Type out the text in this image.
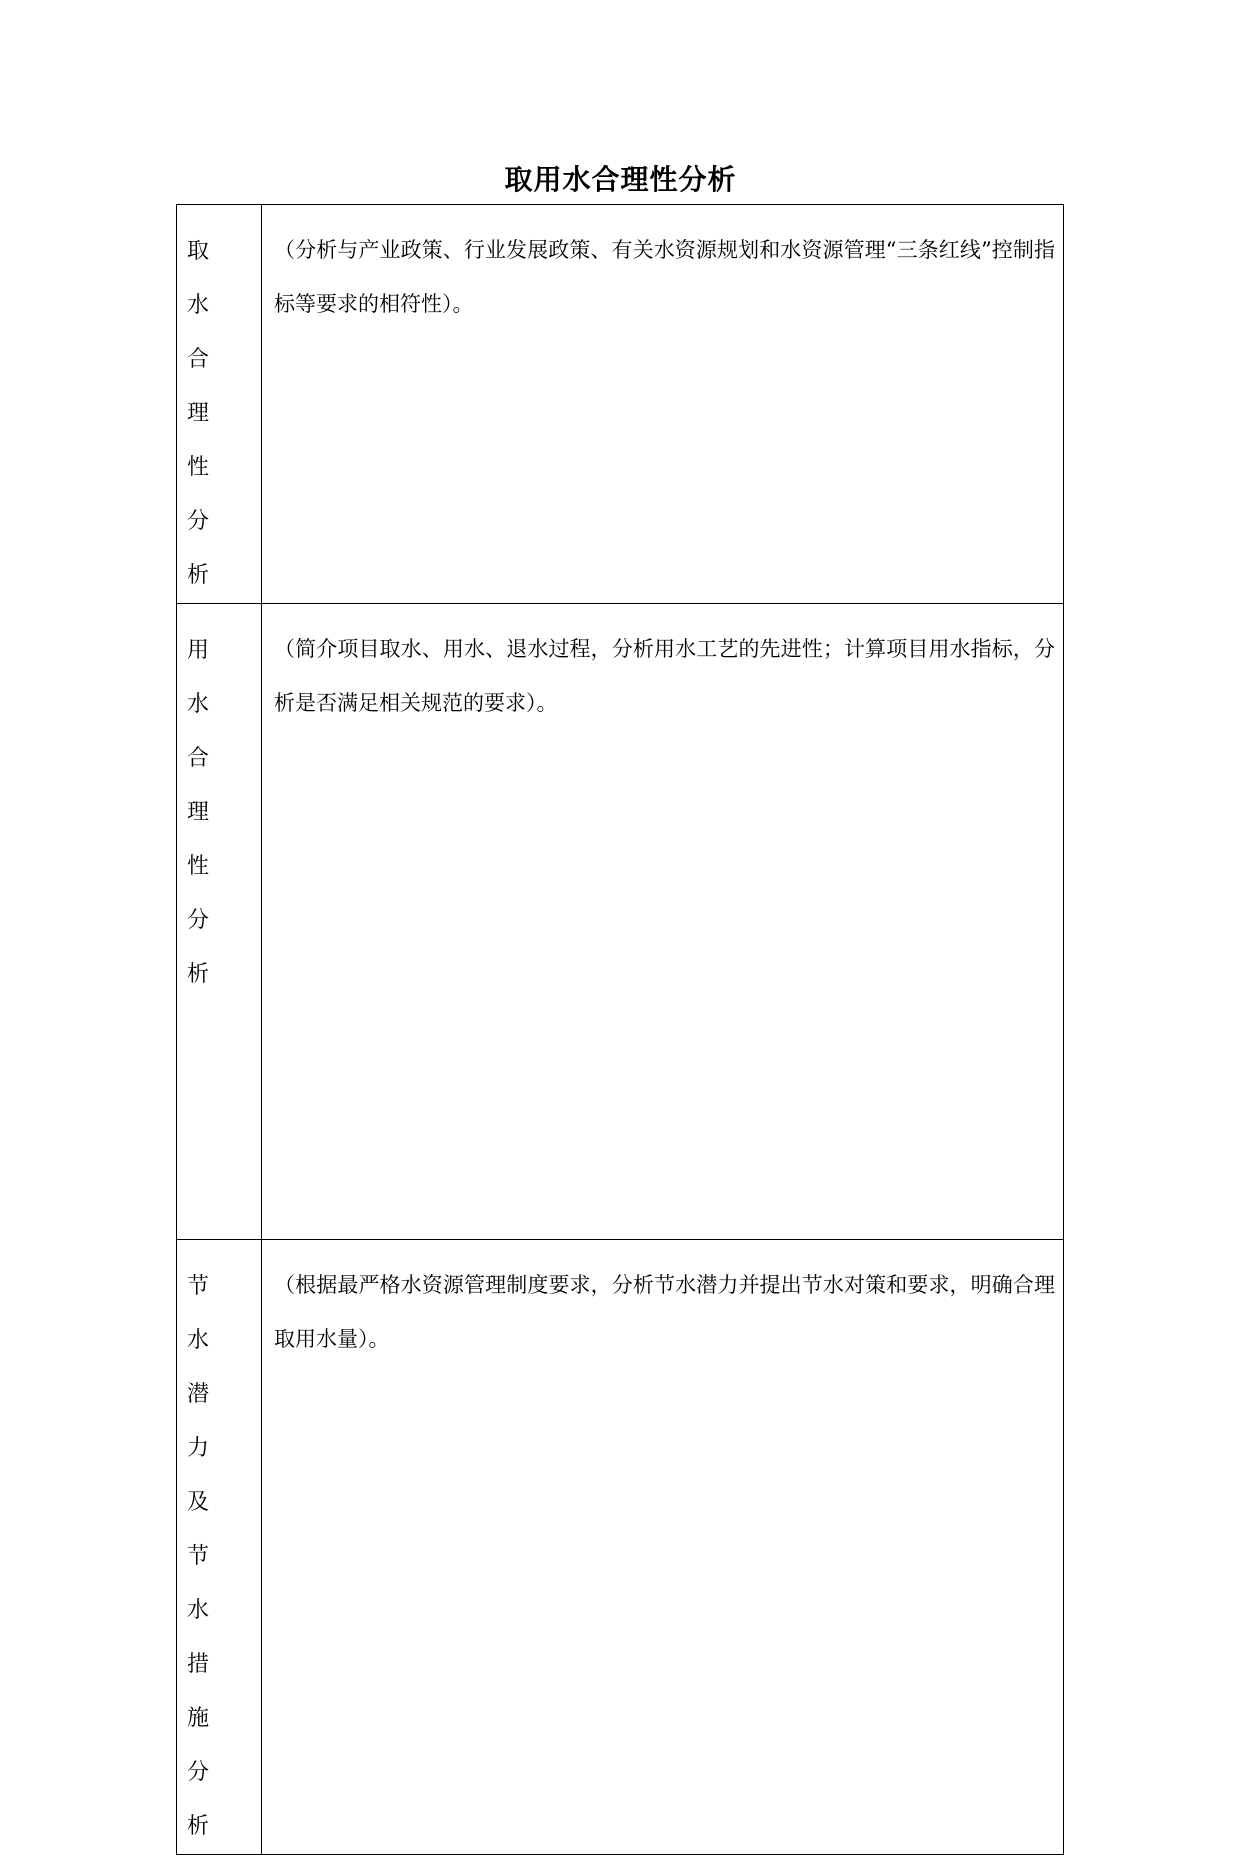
取用水合理性分析
取水合理性分析	（分析与产业政策、行业发展政策、有关水资源规划和水资源管理“三条红线”控制指标等要求的相符性）。

用水合理性分析	（简介项目取水、用水、退水过程，分析用水工艺的先进性；计算项目用水指标，分析是否满足相关规范的要求）。

节水潜力及节水措施分析	（根据最严格水资源管理制度要求，分析节水潜力并提出节水对策和要求，明确合理取用水量）。
